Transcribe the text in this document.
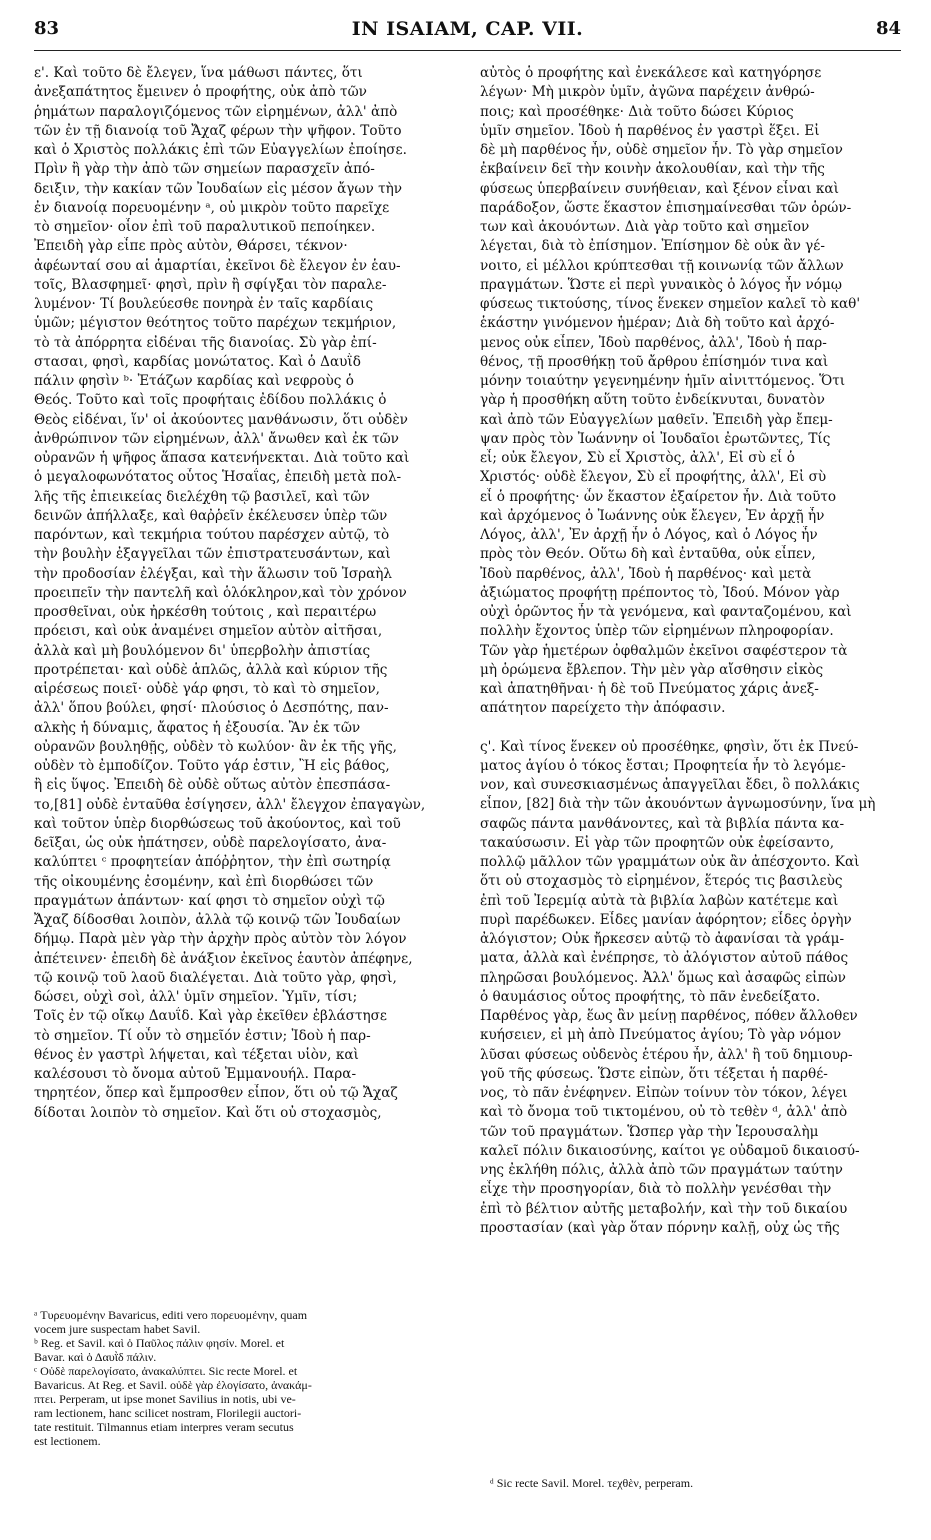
83	IN ISAIAM, CAP. VII.	84
ε'. Καὶ τοῦτο δὲ ἔλεγεν, ἵνα μάθωσι πάντες, ὅτι
ἀνεξαπάτητος ἔμεινεν ὁ προφήτης, οὐκ ἀπὸ τῶν
ῥημάτων παραλογιζόμενος τῶν εἰρημένων, ἀλλ' ἀπὸ
τῶν ἐν τῇ διανοίᾳ τοῦ Ἄχαζ φέρων τὴν ψῆφον. Τοῦτο
καὶ ὁ Χριστὸς πολλάκις ἐπὶ τῶν Εὐαγγελίων ἐποίησε.
Πρὶν ἢ γὰρ τὴν ἀπὸ τῶν σημείων παρασχεῖν ἀπό-
δειξιν, τὴν κακίαν τῶν Ἰουδαίων εἰς μέσον ἄγων τὴν
ἐν διανοίᾳ πορευομένην ᵃ, οὐ μικρὸν τοῦτο παρεῖχε
τὸ σημεῖον· οἷον ἐπὶ τοῦ παραλυτικοῦ πεποίηκεν.
Ἐπειδὴ γὰρ εἶπε πρὸς αὐτὸν, Θάρσει, τέκνον·
ἀφέωνταί σου αἱ ἁμαρτίαι, ἐκεῖνοι δὲ ἔλεγον ἐν ἑαυ-
τοῖς, Βλασφημεῖ· φησὶ, πρὶν ἢ σφίγξαι τὸν παραλε-
λυμένον· Τί βουλεύεσθε πονηρὰ ἐν ταῖς καρδίαις
ὑμῶν; μέγιστον θεότητος τοῦτο παρέχων τεκμήριον,
τὸ τὰ ἀπόρρητα εἰδέναι τῆς διανοίας. Σὺ γὰρ ἐπί-
στασαι, φησὶ, καρδίας μονώτατος. Καὶ ὁ Δαυῒδ
πάλιν φησὶν ᵇ· Ἐτάζων καρδίας καὶ νεφροὺς ὁ
Θεός. Τοῦτο καὶ τοῖς προφήταις ἐδίδου πολλάκις ὁ
Θεὸς εἰδέναι, ἵν' οἱ ἀκούοντες μανθάνωσιν, ὅτι οὐδὲν
ἀνθρώπινον τῶν εἰρημένων, ἀλλ' ἄνωθεν καὶ ἐκ τῶν
οὐρανῶν ἡ ψῆφος ἅπασα κατενήνεκται. Διὰ τοῦτο καὶ
ὁ μεγαλοφωνότατος οὗτος Ἡσαΐας, ἐπειδὴ μετὰ πολ-
λῆς τῆς ἐπιεικείας διελέχθη τῷ βασιλεῖ, καὶ τῶν
δεινῶν ἀπήλλαξε, καὶ θαῤῥεῖν ἐκέλευσεν ὑπὲρ τῶν
παρόντων, καὶ τεκμήρια τούτου παρέσχεν αὐτῷ, τὸ
τὴν βουλὴν ἐξαγγεῖλαι τῶν ἐπιστρατευσάντων, καὶ
τὴν προδοσίαν ἐλέγξαι, καὶ τὴν ἅλωσιν τοῦ Ἰσραὴλ
προειπεῖν τὴν παντελῆ καὶ ὁλόκληρον,καὶ τὸν χρόνον
προσθεῖναι, οὐκ ἠρκέσθη τούτοις , καὶ περαιτέρω
πρόεισι, καὶ οὐκ ἀναμένει σημεῖον αὐτὸν αἰτῆσαι,
ἀλλὰ καὶ μὴ βουλόμενον δι' ὑπερβολὴν ἀπιστίας
προτρέπεται· καὶ οὐδὲ ἁπλῶς, ἀλλὰ καὶ κύριον τῆς
αἱρέσεως ποιεῖ· οὐδὲ γάρ φησι, τὸ καὶ τὸ σημεῖον,
ἀλλ' ὅπου βούλει, φησί· πλούσιος ὁ Δεσπότης, παν-
αλκὴς ἡ δύναμις, ἄφατος ἡ ἐξουσία. Ἂν ἐκ τῶν
οὐρανῶν βουληθῇς, οὐδὲν τὸ κωλύον· ἂν ἐκ τῆς γῆς,
οὐδὲν τὸ ἐμποδίζον. Τοῦτο γάρ ἐστιν, Ἢ εἰς βάθος,
ἢ εἰς ὕψος. Ἐπειδὴ δὲ οὐδὲ οὕτως αὐτὸν ἐπεσπάσα-
το,[81] οὐδὲ ἐνταῦθα ἐσίγησεν, ἀλλ' ἔλεγχον ἐπαγαγὼν,
καὶ τοῦτον ὑπὲρ διορθώσεως τοῦ ἀκούοντος, καὶ τοῦ
δεῖξαι, ὡς οὐκ ἠπάτησεν, οὐδὲ παρελογίσατο, ἀνα-
καλύπτει ᶜ προφητείαν ἀπόῤῥητον, τὴν ἐπὶ σωτηρίᾳ
τῆς οἰκουμένης ἐσομένην, καὶ ἐπὶ διορθώσει τῶν
πραγμάτων ἁπάντων· καί φησι τὸ σημεῖον οὐχὶ τῷ
Ἄχαζ δίδοσθαι λοιπὸν, ἀλλὰ τῷ κοινῷ τῶν Ἰουδαίων
δήμῳ. Παρὰ μὲν γὰρ τὴν ἀρχὴν πρὸς αὐτὸν τὸν λόγον
ἀπέτεινεν· ἐπειδὴ δὲ ἀνάξιον ἐκεῖνος ἑαυτὸν ἀπέφηνε,
τῷ κοινῷ τοῦ λαοῦ διαλέγεται. Διὰ τοῦτο γὰρ, φησὶ,
δώσει, οὐχὶ σοὶ, ἀλλ' ὑμῖν σημεῖον. Ὑμῖν, τίσι;
Τοῖς ἐν τῷ οἴκῳ Δαυΐδ. Καὶ γὰρ ἐκεῖθεν ἐβλάστησε
τὸ σημεῖον. Τί οὖν τὸ σημεῖόν ἐστιν; Ἰδοὺ ἡ παρ-
θένος ἐν γαστρὶ λήψεται, καὶ τέξεται υἱὸν, καὶ
καλέσουσι τὸ ὄνομα αὐτοῦ Ἐμμανουήλ. Παρα-
τηρητέον, ὅπερ καὶ ἔμπροσθεν εἶπον, ὅτι οὐ τῷ Ἄχαζ
δίδοται λοιπὸν τὸ σημεῖον. Καὶ ὅτι οὐ στοχασμὸς,
αὐτὸς ὁ προφήτης καὶ ἐνεκάλεσε καὶ κατηγόρησε
λέγων· Μὴ μικρὸν ὑμῖν, ἀγῶνα παρέχειν ἀνθρώ-
ποις; καὶ προσέθηκε· Διὰ τοῦτο δώσει Κύριος
ὑμῖν σημεῖον. Ἰδοὺ ἡ παρθένος ἐν γαστρὶ ἕξει. Εἰ
δὲ μὴ παρθένος ἦν, οὐδὲ σημεῖον ἦν. Τὸ γὰρ σημεῖον
ἐκβαίνειν δεῖ τὴν κοινὴν ἀκολουθίαν, καὶ τὴν τῆς
φύσεως ὑπερβαίνειν συνήθειαν, καὶ ξένον εἶναι καὶ
παράδοξον, ὥστε ἕκαστον ἐπισημαίνεσθαι τῶν ὁρών-
των καὶ ἀκουόντων. Διὰ γὰρ τοῦτο καὶ σημεῖον
λέγεται, διὰ τὸ ἐπίσημον. Ἐπίσημον δὲ οὐκ ἂν γέ-
νοιτο, εἰ μέλλοι κρύπτεσθαι τῇ κοινωνίᾳ τῶν ἄλλων
πραγμάτων. Ὥστε εἰ περὶ γυναικὸς ὁ λόγος ἦν νόμῳ
φύσεως τικτούσης, τίνος ἕνεκεν σημεῖον καλεῖ τὸ καθ'
ἑκάστην γινόμενον ἡμέραν; Διὰ δὴ τοῦτο καὶ ἀρχό-
μενος οὐκ εἶπεν, Ἰδοὺ παρθένος, ἀλλ', Ἰδοὺ ἡ παρ-
θένος, τῇ προσθήκῃ τοῦ ἄρθρου ἐπίσημόν τινα καὶ
μόνην τοιαύτην γεγενημένην ἡμῖν αἰνιττόμενος. Ὅτι
γὰρ ἡ προσθήκη αὕτη τοῦτο ἐνδείκνυται, δυνατὸν
καὶ ἀπὸ τῶν Εὐαγγελίων μαθεῖν. Ἐπειδὴ γὰρ ἔπεμ-
ψαν πρὸς τὸν Ἰωάννην οἱ Ἰουδαῖοι ἐρωτῶντες, Τίς
εἶ; οὐκ ἔλεγον, Σὺ εἶ Χριστὸς, ἀλλ', Εἰ σὺ εἶ ὁ
Χριστός· οὐδὲ ἔλεγον, Σὺ εἶ προφήτης, ἀλλ', Εἰ σὺ
εἶ ὁ προφήτης· ὧν ἕκαστον ἐξαίρετον ἦν. Διὰ τοῦτο
καὶ ἀρχόμενος ὁ Ἰωάννης οὐκ ἔλεγεν, Ἐν ἀρχῇ ἦν
Λόγος, ἀλλ', Ἐν ἀρχῇ ἦν ὁ Λόγος, καὶ ὁ Λόγος ἦν
πρὸς τὸν Θεόν. Οὕτω δὴ καὶ ἐνταῦθα, οὐκ εἶπεν,
Ἰδοὺ παρθένος, ἀλλ', Ἰδοὺ ἡ παρθένος· καὶ μετὰ
ἀξιώματος προφήτῃ πρέποντος τὸ, Ἰδού. Μόνον γὰρ
οὐχὶ ὁρῶντος ἦν τὰ γενόμενα, καὶ φανταζομένου, καὶ
πολλὴν ἔχοντος ὑπὲρ τῶν εἰρημένων πληροφορίαν.
Τῶν γὰρ ἡμετέρων ὀφθαλμῶν ἐκεῖνοι σαφέστερον τὰ
μὴ ὁρώμενα ἔβλεπον. Τὴν μὲν γὰρ αἴσθησιν εἰκὸς
καὶ ἀπατηθῆναι· ἡ δὲ τοῦ Πνεύματος χάρις ἀνεξ-
απάτητον παρείχετο τὴν ἀπόφασιν.
ς'. Καὶ τίνος ἕνεκεν οὐ προσέθηκε, φησὶν, ὅτι ἐκ Πνεύ-
ματος ἁγίου ὁ τόκος ἔσται; Προφητεία ἦν τὸ λεγόμε-
νον, καὶ συνεσκιασμένως ἀπαγγεῖλαι ἔδει, ὃ πολλάκις
εἶπον, [82] διὰ τὴν τῶν ἀκουόντων ἀγνωμοσύνην, ἵνα μὴ
σαφῶς πάντα μανθάνοντες, καὶ τὰ βιβλία πάντα κα-
τακαύσωσιν. Εἰ γὰρ τῶν προφητῶν οὐκ ἐφείσαντο,
πολλῷ μᾶλλον τῶν γραμμάτων οὐκ ἂν ἀπέσχοντο. Καὶ
ὅτι οὐ στοχασμὸς τὸ εἰρημένον, ἕτερός τις βασιλεὺς
ἐπὶ τοῦ Ἰερεμίᾳ αὐτὰ τὰ βιβλία λαβὼν κατέτεμε καὶ
πυρὶ παρέδωκεν. Εἶδες μανίαν ἀφόρητον; εἶδες ὀργὴν
ἀλόγιστον; Οὐκ ἤρκεσεν αὐτῷ τὸ ἀφανίσαι τὰ γράμ-
ματα, ἀλλὰ καὶ ἐνέπρησε, τὸ ἀλόγιστον αὐτοῦ πάθος
πληρῶσαι βουλόμενος. Ἀλλ' ὅμως καὶ ἀσαφῶς εἰπὼν
ὁ θαυμάσιος οὗτος προφήτης, τὸ πᾶν ἐνεδείξατο.
Παρθένος γὰρ, ἕως ἂν μείνῃ παρθένος, πόθεν ἄλλοθεν
κυήσειεν, εἰ μὴ ἀπὸ Πνεύματος ἁγίου; Τὸ γὰρ νόμον
λῦσαι φύσεως οὐδενὸς ἑτέρου ἦν, ἀλλ' ἢ τοῦ δημιουρ-
γοῦ τῆς φύσεως. Ὥστε εἰπὼν, ὅτι τέξεται ἡ παρθέ-
νος, τὸ πᾶν ἐνέφηνεν. Εἰπὼν τοίνυν τὸν τόκον, λέγει
καὶ τὸ ὄνομα τοῦ τικτομένου, οὐ τὸ τεθὲν ᵈ, ἀλλ' ἀπὸ
τῶν τοῦ πραγμάτων. Ὥσπερ γὰρ τὴν Ἱερουσαλὴμ
καλεῖ πόλιν δικαιοσύνης, καίτοι γε οὐδαμοῦ δικαιοσύ-
νης ἐκλήθη πόλις, ἀλλὰ ἀπὸ τῶν πραγμάτων ταύτην
εἶχε τὴν προσηγορίαν, διὰ τὸ πολλὴν γενέσθαι τὴν
ἐπὶ τὸ βέλτιον αὐτῆς μεταβολήν, καὶ τὴν τοῦ δικαίου
προστασίαν (καὶ γὰρ ὅταν πόρνην καλῇ, οὐχ ὡς τῆς
ᵃ Τυρευομένην Bavaricus, editi vero πορευομένην, quam
vocem jure suspectam habet Savil.
ᵇ Reg. et Savil. καὶ ὁ Παῦλος πάλιν φησίν. Morel. et
Bavar. καὶ ὁ Δαυῒδ πάλιν.
ᶜ Οὐδὲ παρελογίσατο, ἀνακαλύπτει. Sic recte Morel. et
Bavaricus. At Reg. et Savil. οὐδὲ γὰρ ἐλογίσατο, ἀνακάμ-
πτει. Perperam, ut ipse monet Savilius in notis, ubi ve-
ram lectionem, hanc scilicet nostram, Florilegii auctori-
tate restituit. Tilmannus etiam interpres veram secutus
est lectionem.
ᵈ Sic recte Savil. Morel. τεχθὲν, perperam.
